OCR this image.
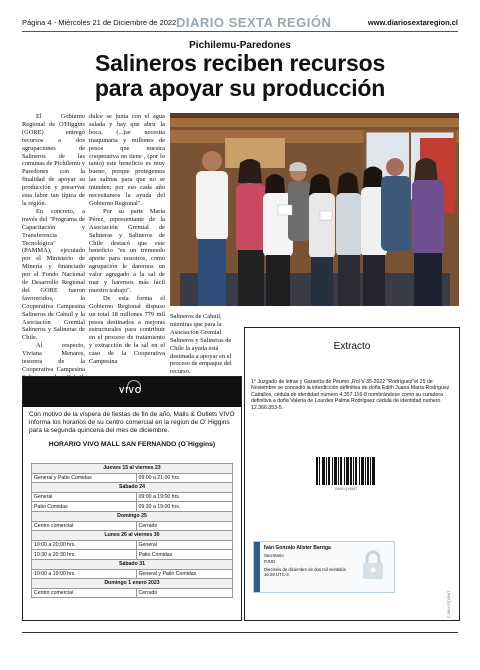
Página 4 - Miércoles 21 de Diciembre de 2022 DIARIO SEXTA REGIÓN	www.diariosextaregion.cl
Pichilemu-Paredones
Salineros reciben recursos
para apoyar su producción

El Gobierno Regional de O'Higgins (GORE) entregó recursos a dos agrupaciones de Salineros de las comunas de Pichilemu y Paredones con la finalidad de apoyar su producción y preservar esta labor tan típica de la región.

En concreto, a través del "Programa de Capacitación y Transferencia Tecnológica" (PAMMA), ejecutado por el Ministerio de Minería y financiado por el Fondo Nacional de Desarrollo Regional del GORE fueron favorecidos, la Cooperativa Campesina Salineros de Cahuil y la Asociación Gremial Salineros y Salineras de Chile.

Al respecto, Viviana Menares, tesorera de la Cooperativa Campesina

dulce se junta con el agua salada y hay que abrir la boca, (...)se necesita maquinaria y millones de pesos que nuestra cooperativa no tiene , (por lo tanto) este beneficio es muy bueno, porque protegemos las salinas para que no se inunden; por eso cada año necesitamos la ayuda del Gobierno Regional".

Por su parte María Pérez, representante de la Asociación Gremial de Salineras y Salineros de Chile destacó que este beneficio "es un tremendo aporte para nosotros, como agrupación le daremos un valor agregado a la sal de mar y haremos más fácil nuestro trabajo".

De esta forma el Gobierno Regional dispuso un total 18 millones 779 mil pesos destinados a mejoras estructurales para contribuir en el proceso de tratamiento y extracción de la sal en el caso de la Cooperativa Campesina

Salineros de Cahuil, mientras que para la Asociación Gremial Salineros y Salineras de Chile la ayuda está destinada a apoyar en el proceso de empaque del recurso.

VIVO
Con motivo de la víspera de fiestas de fin de año, Malls & Outlets VIVO informa los horarios de su centro comercial en la region de O' Higgins para la segunda quincena del mes de diciembre.
HORARIO VIVO MALL SAN FERNANDO (O`Higgins)
Jueves 15 al viernes 23	
General y Patio Comidas	09:00 a 21:00 hrs.
Sábado 24	
General	09:00 a 19:00 hrs.
Patio Comidas	09:30 a 19:00 hrs.
Domingo 25	
Centro comercial	Cerrado
Lunes 26 al viernes 30	
10:00 a 20:00 hrs.	General
10:30 a 20:30 hrs.	Patio Comidas
Sábado 31	
10:00 a 19:00 hrs.	General y Patio Comidas
Domingo 1 enero 2023	
Centro comercial	Cerrado
Extracto
1° Juzgado de letras y Garantía de Peumo ,Rol V-35-2022 "Rodríguez"el 25 de Noviembre se concedió la interdicción definitiva de doña Edith Juana María Rodríguez Caballos, cédula de identidad número 4.357.116-8 nombrándose como su curadora definitiva a doña Valeria de Lourdes Palma Rodríguez cédula de identidad numero 12.366.353-5.
GNXFQYBWT
Iván Gonzalo Alister Barriga
Secretario
PJUD
Dieciséis de diciembre de dos mil veintidós
16:28 UTC-3
C-GNX-FQYBWT
